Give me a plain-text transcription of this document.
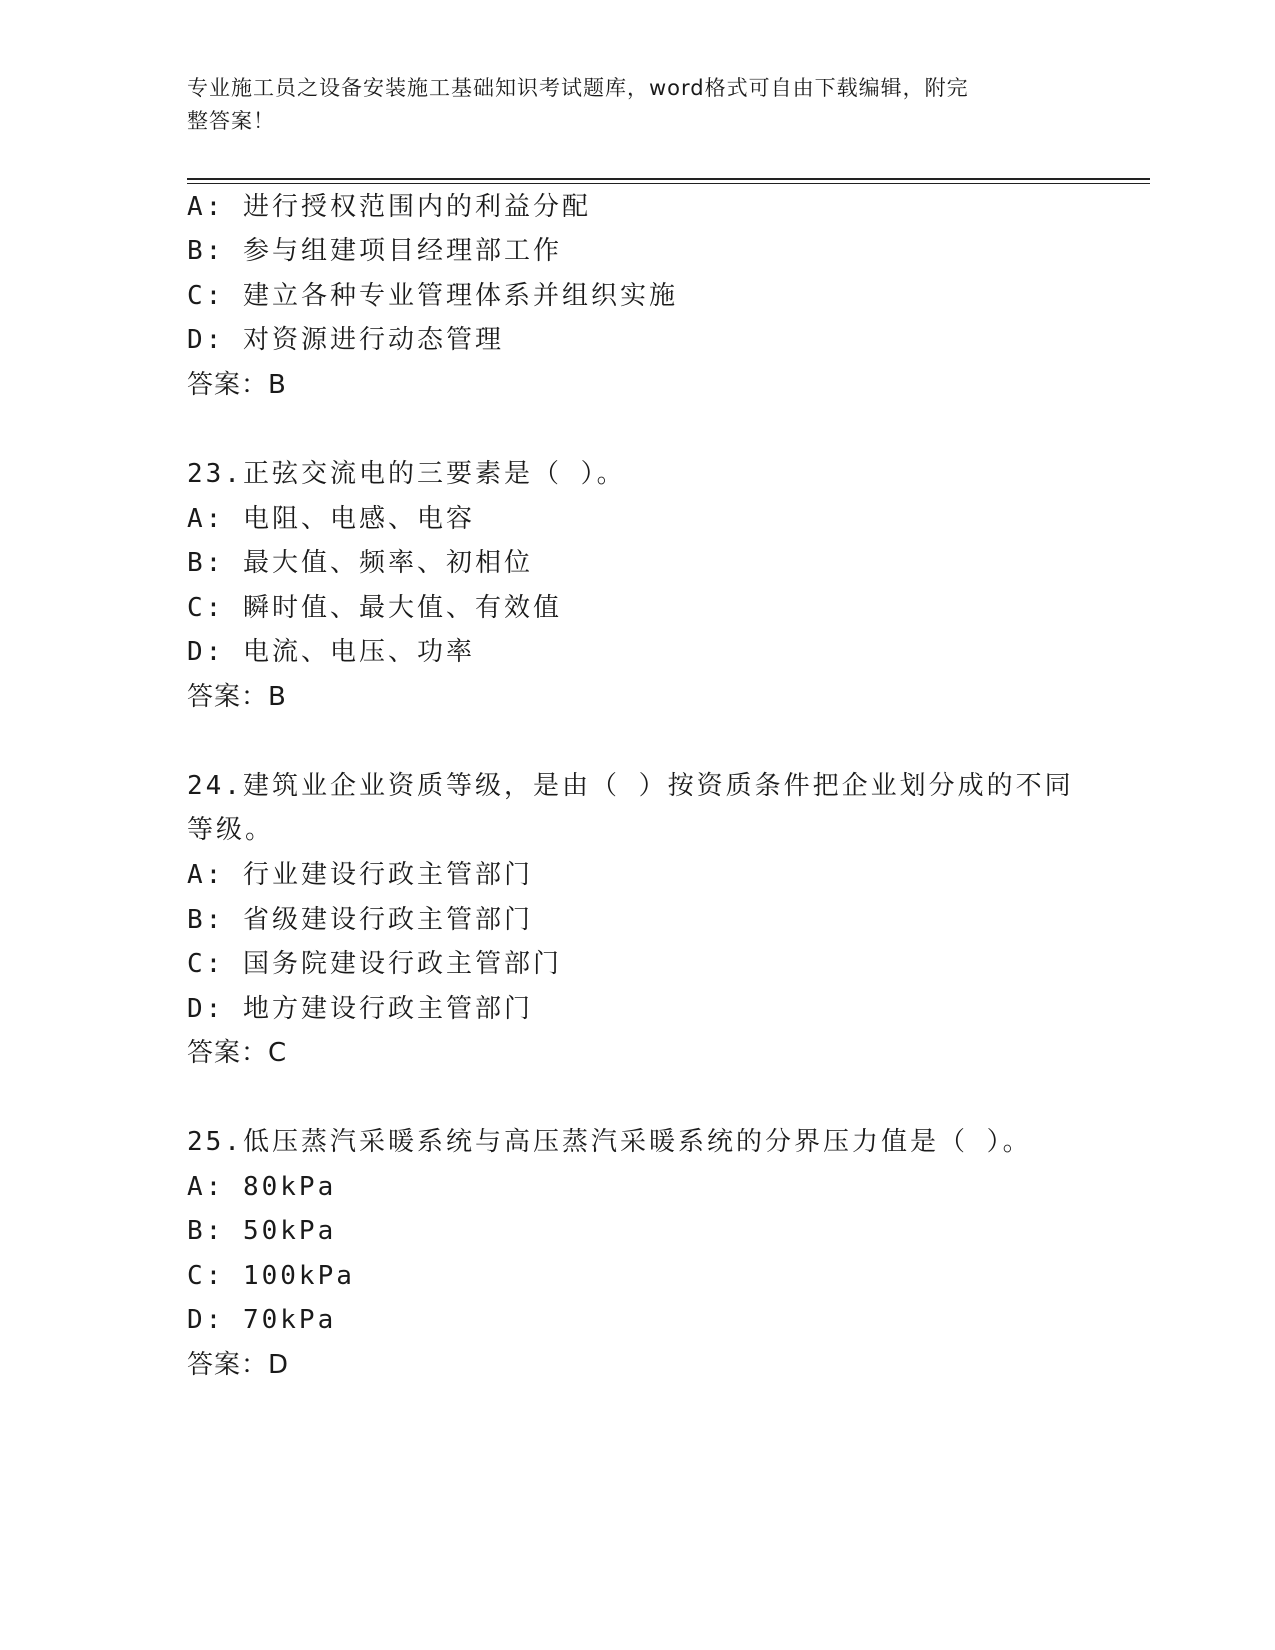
专业施工员之设备安装施工基础知识考试题库，word格式可自由下载编辑，附完
整答案！
A: 进行授权范围内的利益分配
B: 参与组建项目经理部工作
C: 建立各种专业管理体系并组织实施
D: 对资源进行动态管理
答案：B
23.正弦交流电的三要素是（ ）。
A: 电阻、电感、电容
B: 最大值、频率、初相位
C: 瞬时值、最大值、有效值
D: 电流、电压、功率
答案：B
24.建筑业企业资质等级，是由（ ）按资质条件把企业划分成的不同
等级。
A: 行业建设行政主管部门
B: 省级建设行政主管部门
C: 国务院建设行政主管部门
D: 地方建设行政主管部门
答案：C
25.低压蒸汽采暖系统与高压蒸汽采暖系统的分界压力值是（ ）。
A: 80kPa
B: 50kPa
C: 100kPa
D: 70kPa
答案：D
